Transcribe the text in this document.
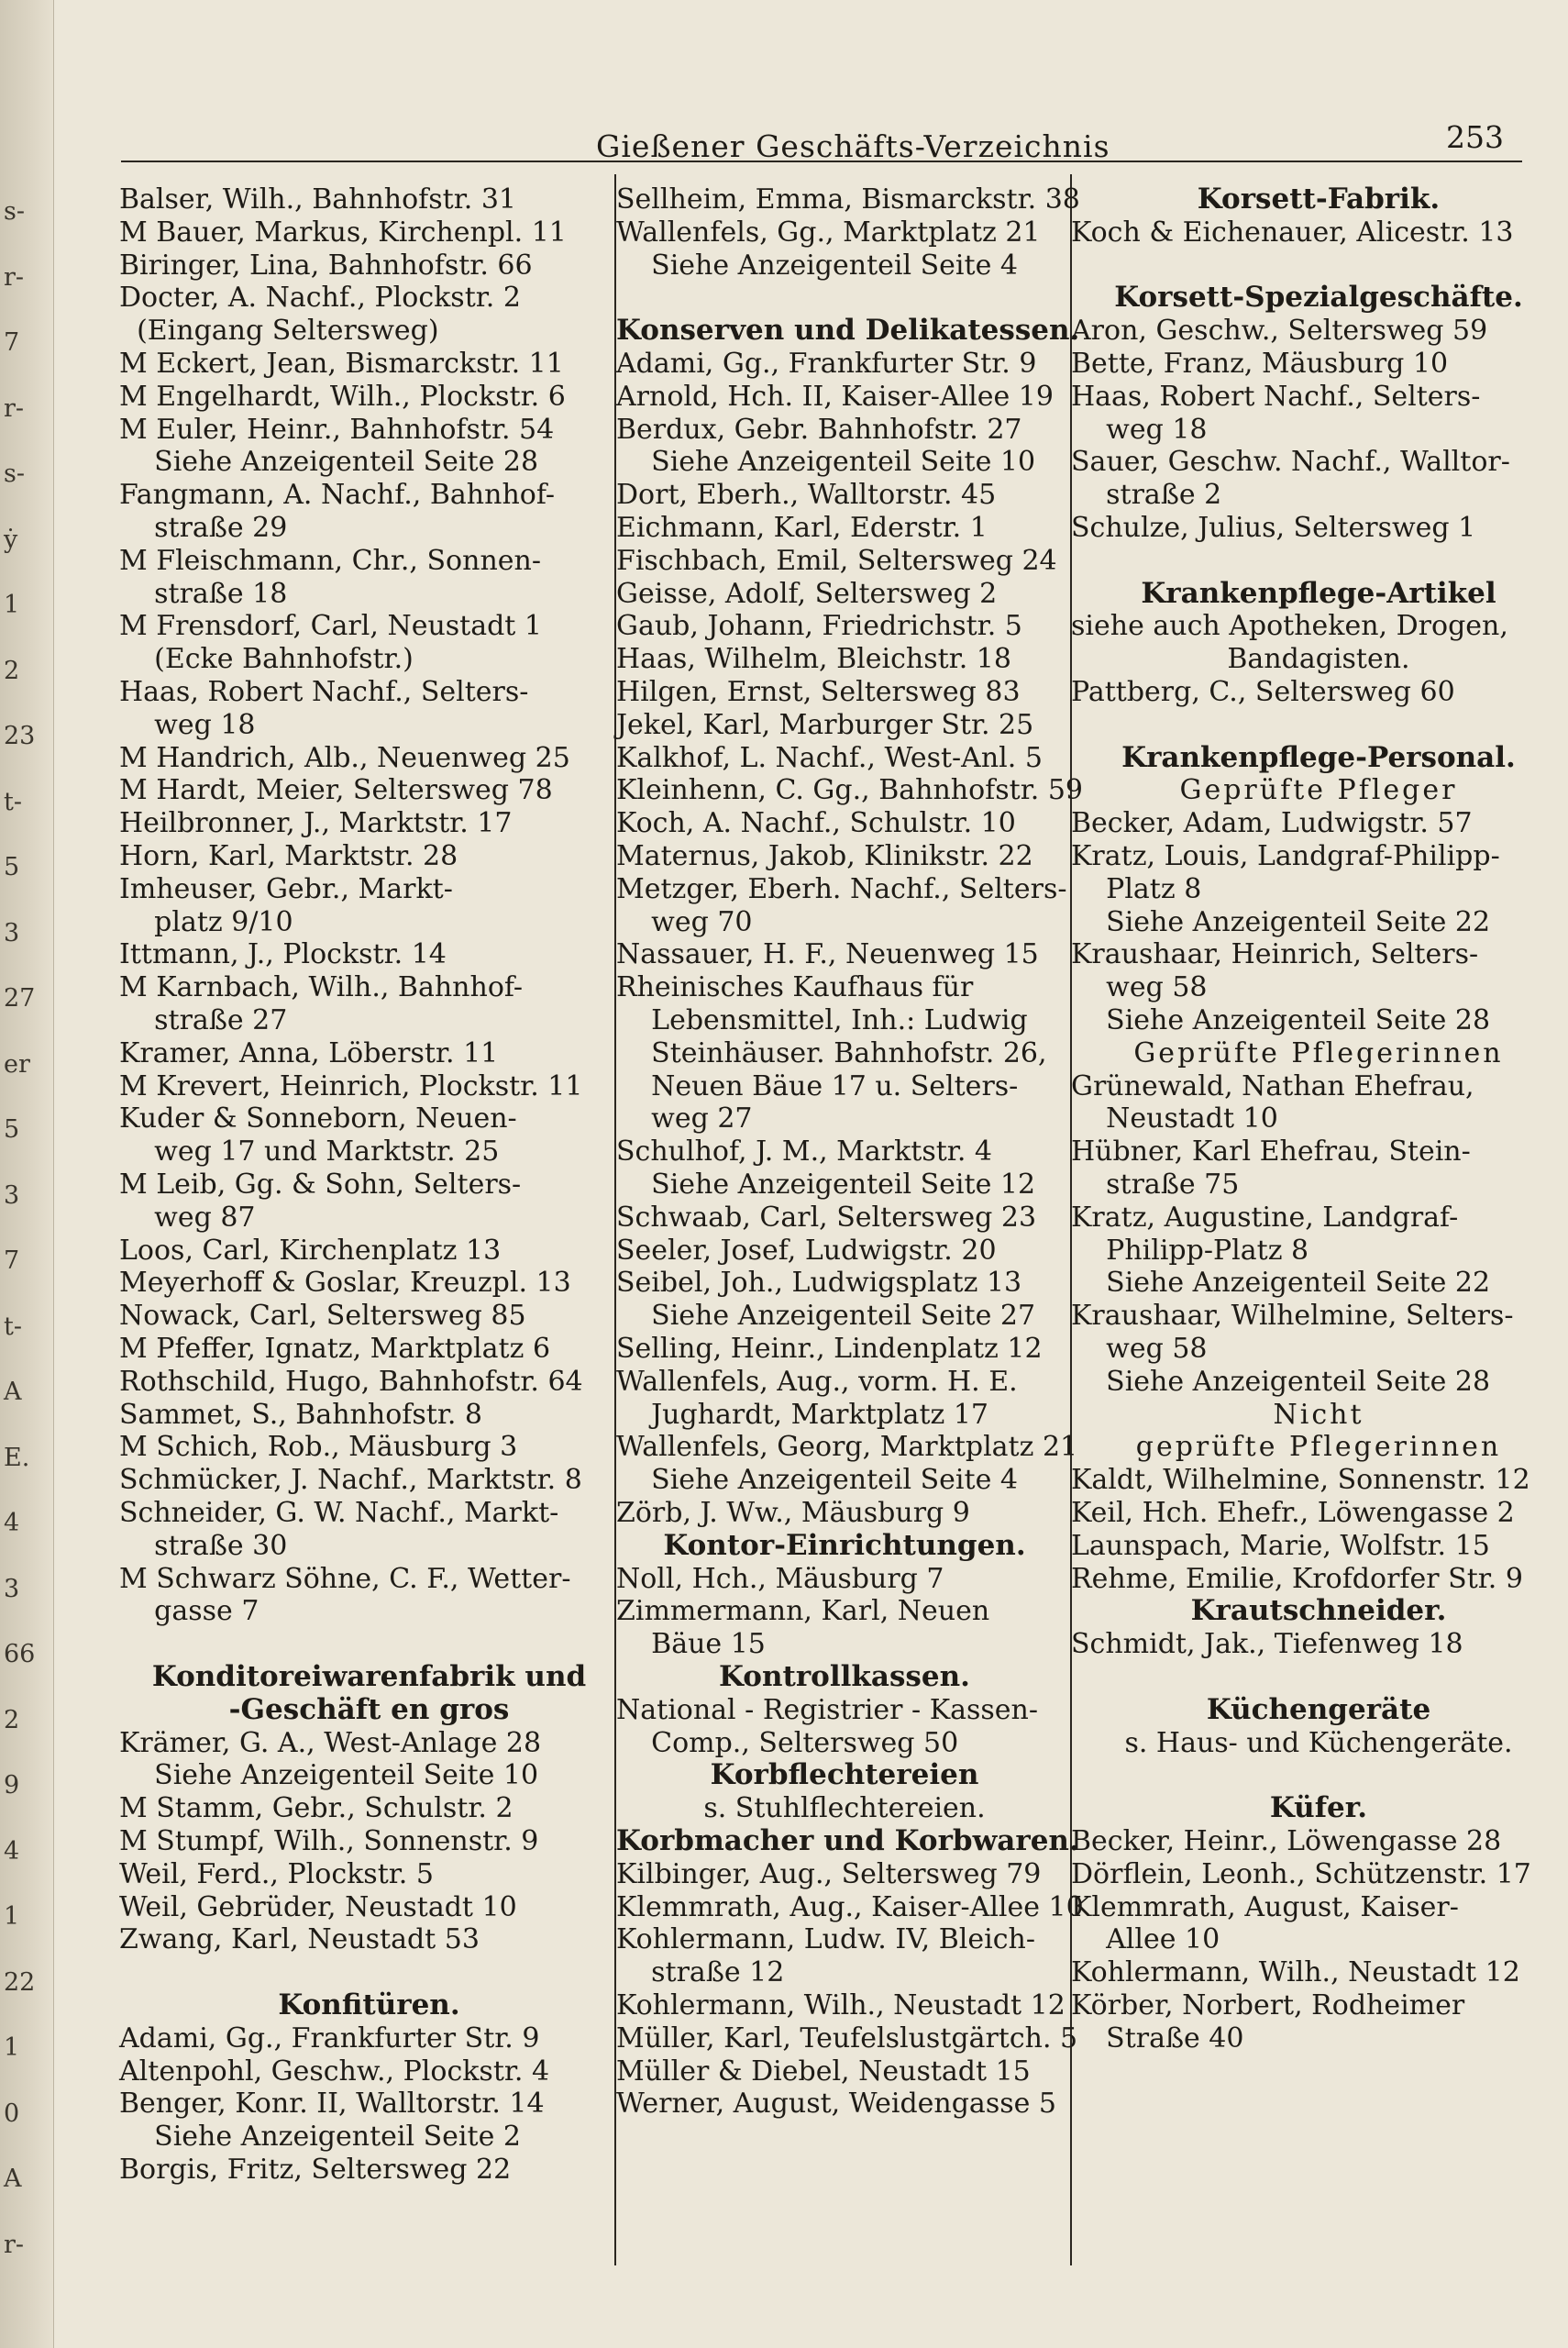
s-
r-
7
r-
s-
ẏ
1
2
23
t-
5
3
27
er
5
3
7
t-
A
E.
4
3
66
2
9
4
1
22
1
0
A
r-
Gießener Geschäfts-Verzeichnis	253
Balser, Wilh., Bahnhofstr. 31
M Bauer, Markus, Kirchenpl. 11
Biringer, Lina, Bahnhofstr. 66
Docter, A. Nachf., Plockstr. 2
(Eingang Seltersweg)
M Eckert, Jean, Bismarckstr. 11
M Engelhardt, Wilh., Plockstr. 6
M Euler, Heinr., Bahnhofstr. 54
Siehe Anzeigenteil Seite 28
Fangmann, A. Nachf., Bahnhof-
straße 29
M Fleischmann, Chr., Sonnen-
straße 18
M Frensdorf, Carl, Neustadt 1
(Ecke Bahnhofstr.)
Haas, Robert Nachf., Selters-
weg 18
M Handrich, Alb., Neuenweg 25
M Hardt, Meier, Seltersweg 78
Heilbronner, J., Marktstr. 17
Horn, Karl, Marktstr. 28
Imheuser, Gebr., Markt-
platz 9/10
Ittmann, J., Plockstr. 14
M Karnbach, Wilh., Bahnhof-
straße 27
Kramer, Anna, Löberstr. 11
M Krevert, Heinrich, Plockstr. 11
Kuder & Sonneborn, Neuen-
weg 17 und Marktstr. 25
M Leib, Gg. & Sohn, Selters-
weg 87
Loos, Carl, Kirchenplatz 13
Meyerhoff & Goslar, Kreuzpl. 13
Nowack, Carl, Seltersweg 85
M Pfeffer, Ignatz, Marktplatz 6
Rothschild, Hugo, Bahnhofstr. 64
Sammet, S., Bahnhofstr. 8
M Schich, Rob., Mäusburg 3
Schmücker, J. Nachf., Marktstr. 8
Schneider, G. W. Nachf., Markt-
straße 30
M Schwarz Söhne, C. F., Wetter-
gasse 7
Konditoreiwarenfabrik und
-Geschäft en gros
Krämer, G. A., West-Anlage 28
Siehe Anzeigenteil Seite 10
M Stamm, Gebr., Schulstr. 2
M Stumpf, Wilh., Sonnenstr. 9
Weil, Ferd., Plockstr. 5
Weil, Gebrüder, Neustadt 10
Zwang, Karl, Neustadt 53
Konfitüren.
Adami, Gg., Frankfurter Str. 9
Altenpohl, Geschw., Plockstr. 4
Benger, Konr. II, Walltorstr. 14
Siehe Anzeigenteil Seite 2
Borgis, Fritz, Seltersweg 22
Sellheim, Emma, Bismarckstr. 38
Wallenfels, Gg., Marktplatz 21
Siehe Anzeigenteil Seite 4
Konserven und Delikatessen.
Adami, Gg., Frankfurter Str. 9
Arnold, Hch. II, Kaiser-Allee 19
Berdux, Gebr. Bahnhofstr. 27
Siehe Anzeigenteil Seite 10
Dort, Eberh., Walltorstr. 45
Eichmann, Karl, Ederstr. 1
Fischbach, Emil, Seltersweg 24
Geisse, Adolf, Seltersweg 2
Gaub, Johann, Friedrichstr. 5
Haas, Wilhelm, Bleichstr. 18
Hilgen, Ernst, Seltersweg 83
Jekel, Karl, Marburger Str. 25
Kalkhof, L. Nachf., West-Anl. 5
Kleinhenn, C. Gg., Bahnhofstr. 59
Koch, A. Nachf., Schulstr. 10
Maternus, Jakob, Klinikstr. 22
Metzger, Eberh. Nachf., Selters-
weg 70
Nassauer, H. F., Neuenweg 15
Rheinisches Kaufhaus für
Lebensmittel, Inh.: Ludwig
Steinhäuser. Bahnhofstr. 26,
Neuen Bäue 17 u. Selters-
weg 27
Schulhof, J. M., Marktstr. 4
Siehe Anzeigenteil Seite 12
Schwaab, Carl, Seltersweg 23
Seeler, Josef, Ludwigstr. 20
Seibel, Joh., Ludwigsplatz 13
Siehe Anzeigenteil Seite 27
Selling, Heinr., Lindenplatz 12
Wallenfels, Aug., vorm. H. E.
Jughardt, Marktplatz 17
Wallenfels, Georg, Marktplatz 21
Siehe Anzeigenteil Seite 4
Zörb, J. Ww., Mäusburg 9
Kontor-Einrichtungen.
Noll, Hch., Mäusburg 7
Zimmermann, Karl, Neuen
Bäue 15
Kontrollkassen.
National - Registrier - Kassen-
Comp., Seltersweg 50
Korbflechtereien
s. Stuhlflechtereien.
Korbmacher und Korbwaren.
Kilbinger, Aug., Seltersweg 79
Klemmrath, Aug., Kaiser-Allee 10
Kohlermann, Ludw. IV, Bleich-
straße 12
Kohlermann, Wilh., Neustadt 12
Müller, Karl, Teufelslustgärtch. 5
Müller & Diebel, Neustadt 15
Werner, August, Weidengasse 5
Korsett-Fabrik.
Koch & Eichenauer, Alicestr. 13
Korsett-Spezialgeschäfte.
Aron, Geschw., Seltersweg 59
Bette, Franz, Mäusburg 10
Haas, Robert Nachf., Selters-
weg 18
Sauer, Geschw. Nachf., Walltor-
straße 2
Schulze, Julius, Seltersweg 1
Krankenpflege-Artikel
siehe auch Apotheken, Drogen,
Bandagisten.
Pattberg, C., Seltersweg 60
Krankenpflege-Personal.
Geprüfte Pfleger
Becker, Adam, Ludwigstr. 57
Kratz, Louis, Landgraf-Philipp-
Platz 8
Siehe Anzeigenteil Seite 22
Kraushaar, Heinrich, Selters-
weg 58
Siehe Anzeigenteil Seite 28
Geprüfte Pflegerinnen
Grünewald, Nathan Ehefrau,
Neustadt 10
Hübner, Karl Ehefrau, Stein-
straße 75
Kratz, Augustine, Landgraf-
Philipp-Platz 8
Siehe Anzeigenteil Seite 22
Kraushaar, Wilhelmine, Selters-
weg 58
Siehe Anzeigenteil Seite 28
Nicht
geprüfte Pflegerinnen
Kaldt, Wilhelmine, Sonnenstr. 12
Keil, Hch. Ehefr., Löwengasse 2
Launspach, Marie, Wolfstr. 15
Rehme, Emilie, Krofdorfer Str. 9
Krautschneider.
Schmidt, Jak., Tiefenweg 18
Küchengeräte
s. Haus- und Küchengeräte.
Küfer.
Becker, Heinr., Löwengasse 28
Dörflein, Leonh., Schützenstr. 17
Klemmrath, August, Kaiser-
Allee 10
Kohlermann, Wilh., Neustadt 12
Körber, Norbert, Rodheimer
Straße 40
